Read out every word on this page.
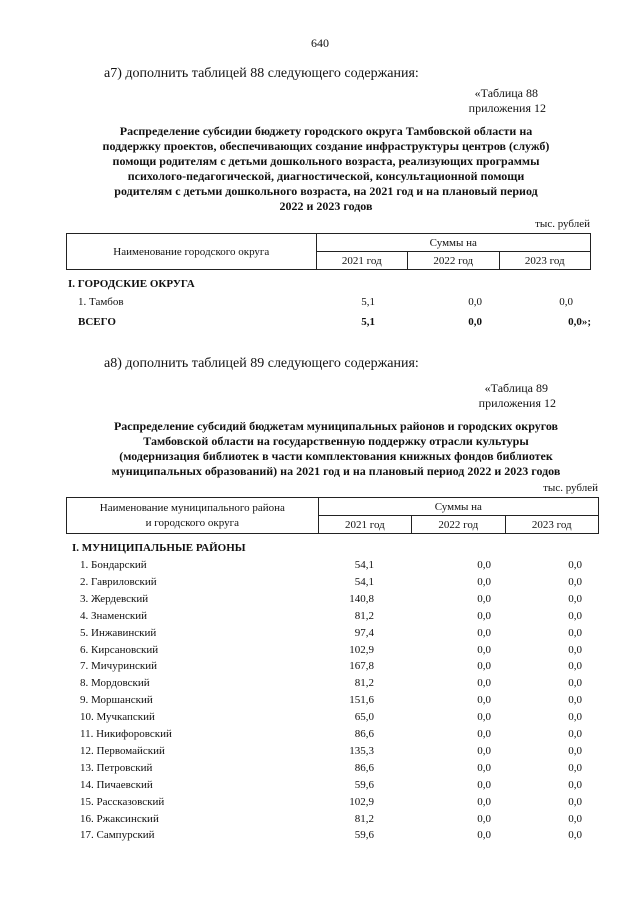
640
а7) дополнить таблицей 88 следующего содержания:
«Таблица 88
приложения 12
Распределение субсидии бюджету городского округа Тамбовской области на
поддержку проектов, обеспечивающих создание инфраструктуры центров (служб)
помощи родителям с детьми дошкольного возраста, реализующих программы
психолого-педагогической, диагностической, консультационной помощи
родителям с детьми дошкольного возраста, на 2021 год и на плановый период
2022 и 2023 годов
тыс. рублей
Наименование городского округа	Суммы на		
	2021 год	2022 год	2023 год
I. ГОРОДСКИЕ ОКРУГА
1. Тамбов	5,1	0,0	0,0
ВСЕГО	5,1	0,0	0,0»;
а8) дополнить таблицей 89 следующего содержания:
«Таблица 89
приложения 12
Распределение субсидий бюджетам муниципальных районов и городских округов
Тамбовской области на государственную поддержку отрасли культуры
(модернизация библиотек в части комплектования книжных фондов библиотек
муниципальных образований) на 2021 год и на плановый период 2022 и 2023 годов
тыс. рублей
Наименование муниципального района
и городского округа	Суммы на		
	2021 год	2022 год	2023 год
I. МУНИЦИПАЛЬНЫЕ РАЙОНЫ
1. Бондарский	54,1	0,0	0,0
2. Гавриловский	54,1	0,0	0,0
3. Жердевский	140,8	0,0	0,0
4. Знаменский	81,2	0,0	0,0
5. Инжавинский	97,4	0,0	0,0
6. Кирсановский	102,9	0,0	0,0
7. Мичуринский	167,8	0,0	0,0
8. Мордовский	81,2	0,0	0,0
9. Моршанский	151,6	0,0	0,0
10. Мучкапский	65,0	0,0	0,0
11. Никифоровский	86,6	0,0	0,0
12. Первомайский	135,3	0,0	0,0
13. Петровский	86,6	0,0	0,0
14. Пичаевский	59,6	0,0	0,0
15. Рассказовский	102,9	0,0	0,0
16. Ржаксинский	81,2	0,0	0,0
17. Сампурский	59,6	0,0	0,0
